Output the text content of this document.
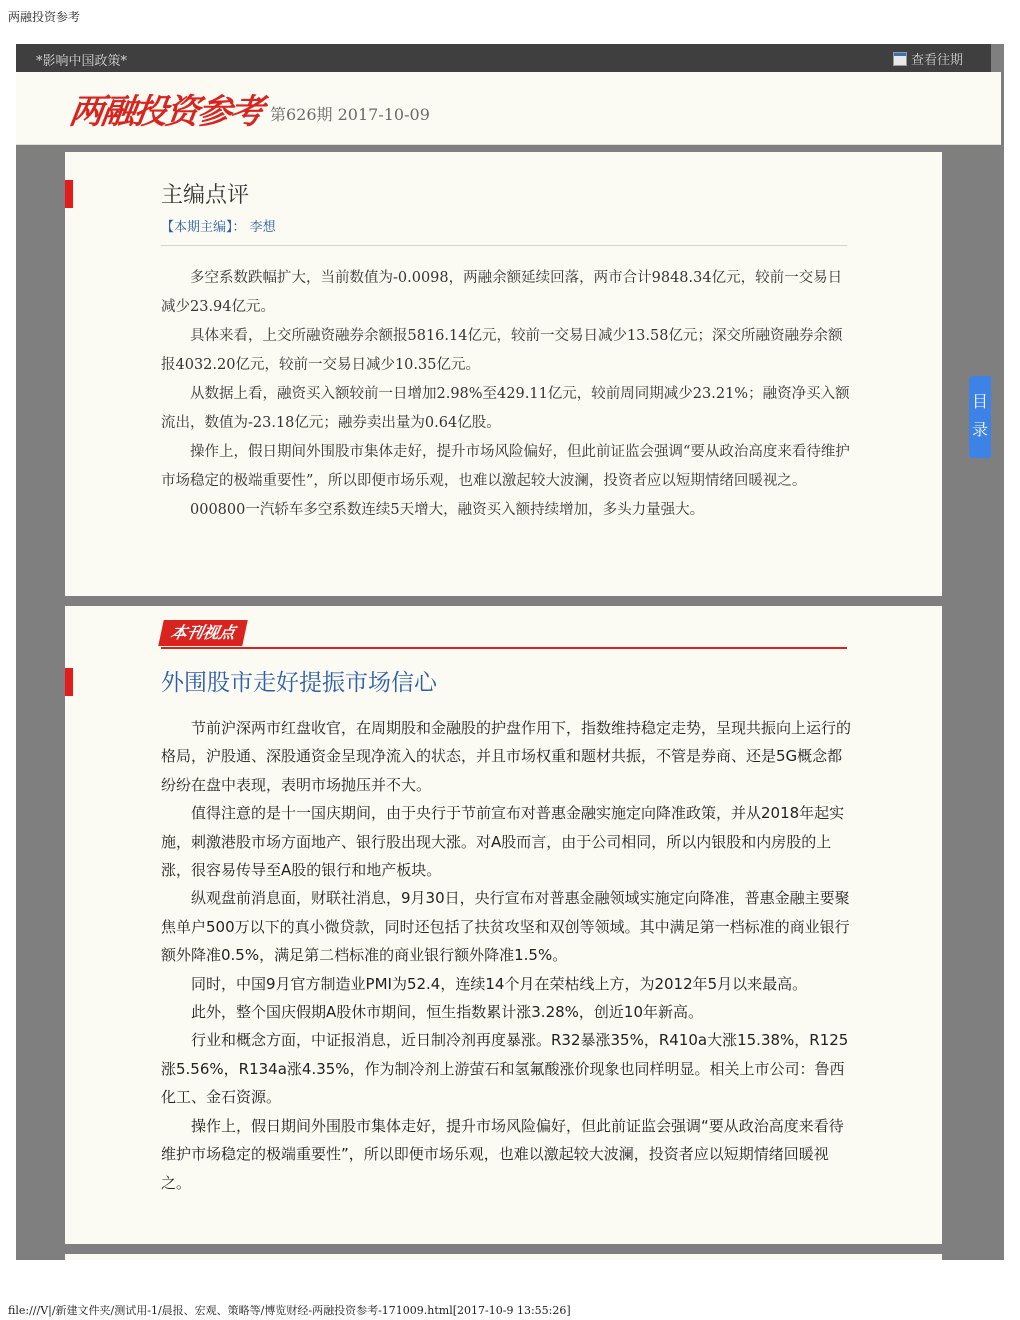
两融投资参考
*影响中国政策*	查看往期
两融投资参考 第626期 2017-10-09
主编点评
【本期主编】： 李想

多空系数跌幅扩大，当前数值为-0.0098，两融余额延续回落，两市合计9848.34亿元，较前一交易日减少23.94亿元。

具体来看，上交所融资融券余额报5816.14亿元，较前一交易日减少13.58亿元；深交所融资融券余额报4032.20亿元，较前一交易日减少10.35亿元。

从数据上看，融资买入额较前一日增加2.98%至429.11亿元，较前周同期减少23.21%；融资净买入额流出，数值为-23.18亿元；融券卖出量为0.64亿股。

操作上，假日期间外围股市集体走好，提升市场风险偏好，但此前证监会强调“要从政治高度来看待维护市场稳定的极端重要性”，所以即便市场乐观，也难以激起较大波澜，投资者应以短期情绪回暖视之。

000800一汽轿车多空系数连续5天增大，融资买入额持续增加，多头力量强大。

本刊视点
外围股市走好提振市场信心

节前沪深两市红盘收官，在周期股和金融股的护盘作用下，指数维持稳定走势，呈现共振向上运行的格局，沪股通、深股通资金呈现净流入的状态，并且市场权重和题材共振，不管是券商、还是5G概念都纷纷在盘中表现，表明市场抛压并不大。

值得注意的是十一国庆期间，由于央行于节前宣布对普惠金融实施定向降准政策，并从2018年起实施，刺激港股市场方面地产、银行股出现大涨。对A股而言，由于公司相同，所以内银股和内房股的上涨，很容易传导至A股的银行和地产板块。

纵观盘前消息面，财联社消息，9月30日，央行宣布对普惠金融领域实施定向降准，普惠金融主要聚焦单户500万以下的真小微贷款，同时还包括了扶贫攻坚和双创等领域。其中满足第一档标准的商业银行额外降准0.5%，满足第二档标准的商业银行额外降准1.5%。

同时，中国9月官方制造业PMI为52.4，连续14个月在荣枯线上方，为2012年5月以来最高。

此外，整个国庆假期A股休市期间，恒生指数累计涨3.28%，创近10年新高。

行业和概念方面，中证报消息，近日制冷剂再度暴涨。R32暴涨35%，R410a大涨15.38%，R125涨5.56%，R134a涨4.35%，作为制冷剂上游萤石和氢氟酸涨价现象也同样明显。相关上市公司：鲁西化工、金石资源。

操作上，假日期间外围股市集体走好，提升市场风险偏好，但此前证监会强调“要从政治高度来看待维护市场稳定的极端重要性”，所以即便市场乐观，也难以激起较大波澜，投资者应以短期情绪回暖视之。

目
录
file:///V|/新建文件夹/测试用-1/晨报、宏观、策略等/博览财经-两融投资参考-171009.html[2017-10-9 13:55:26]
